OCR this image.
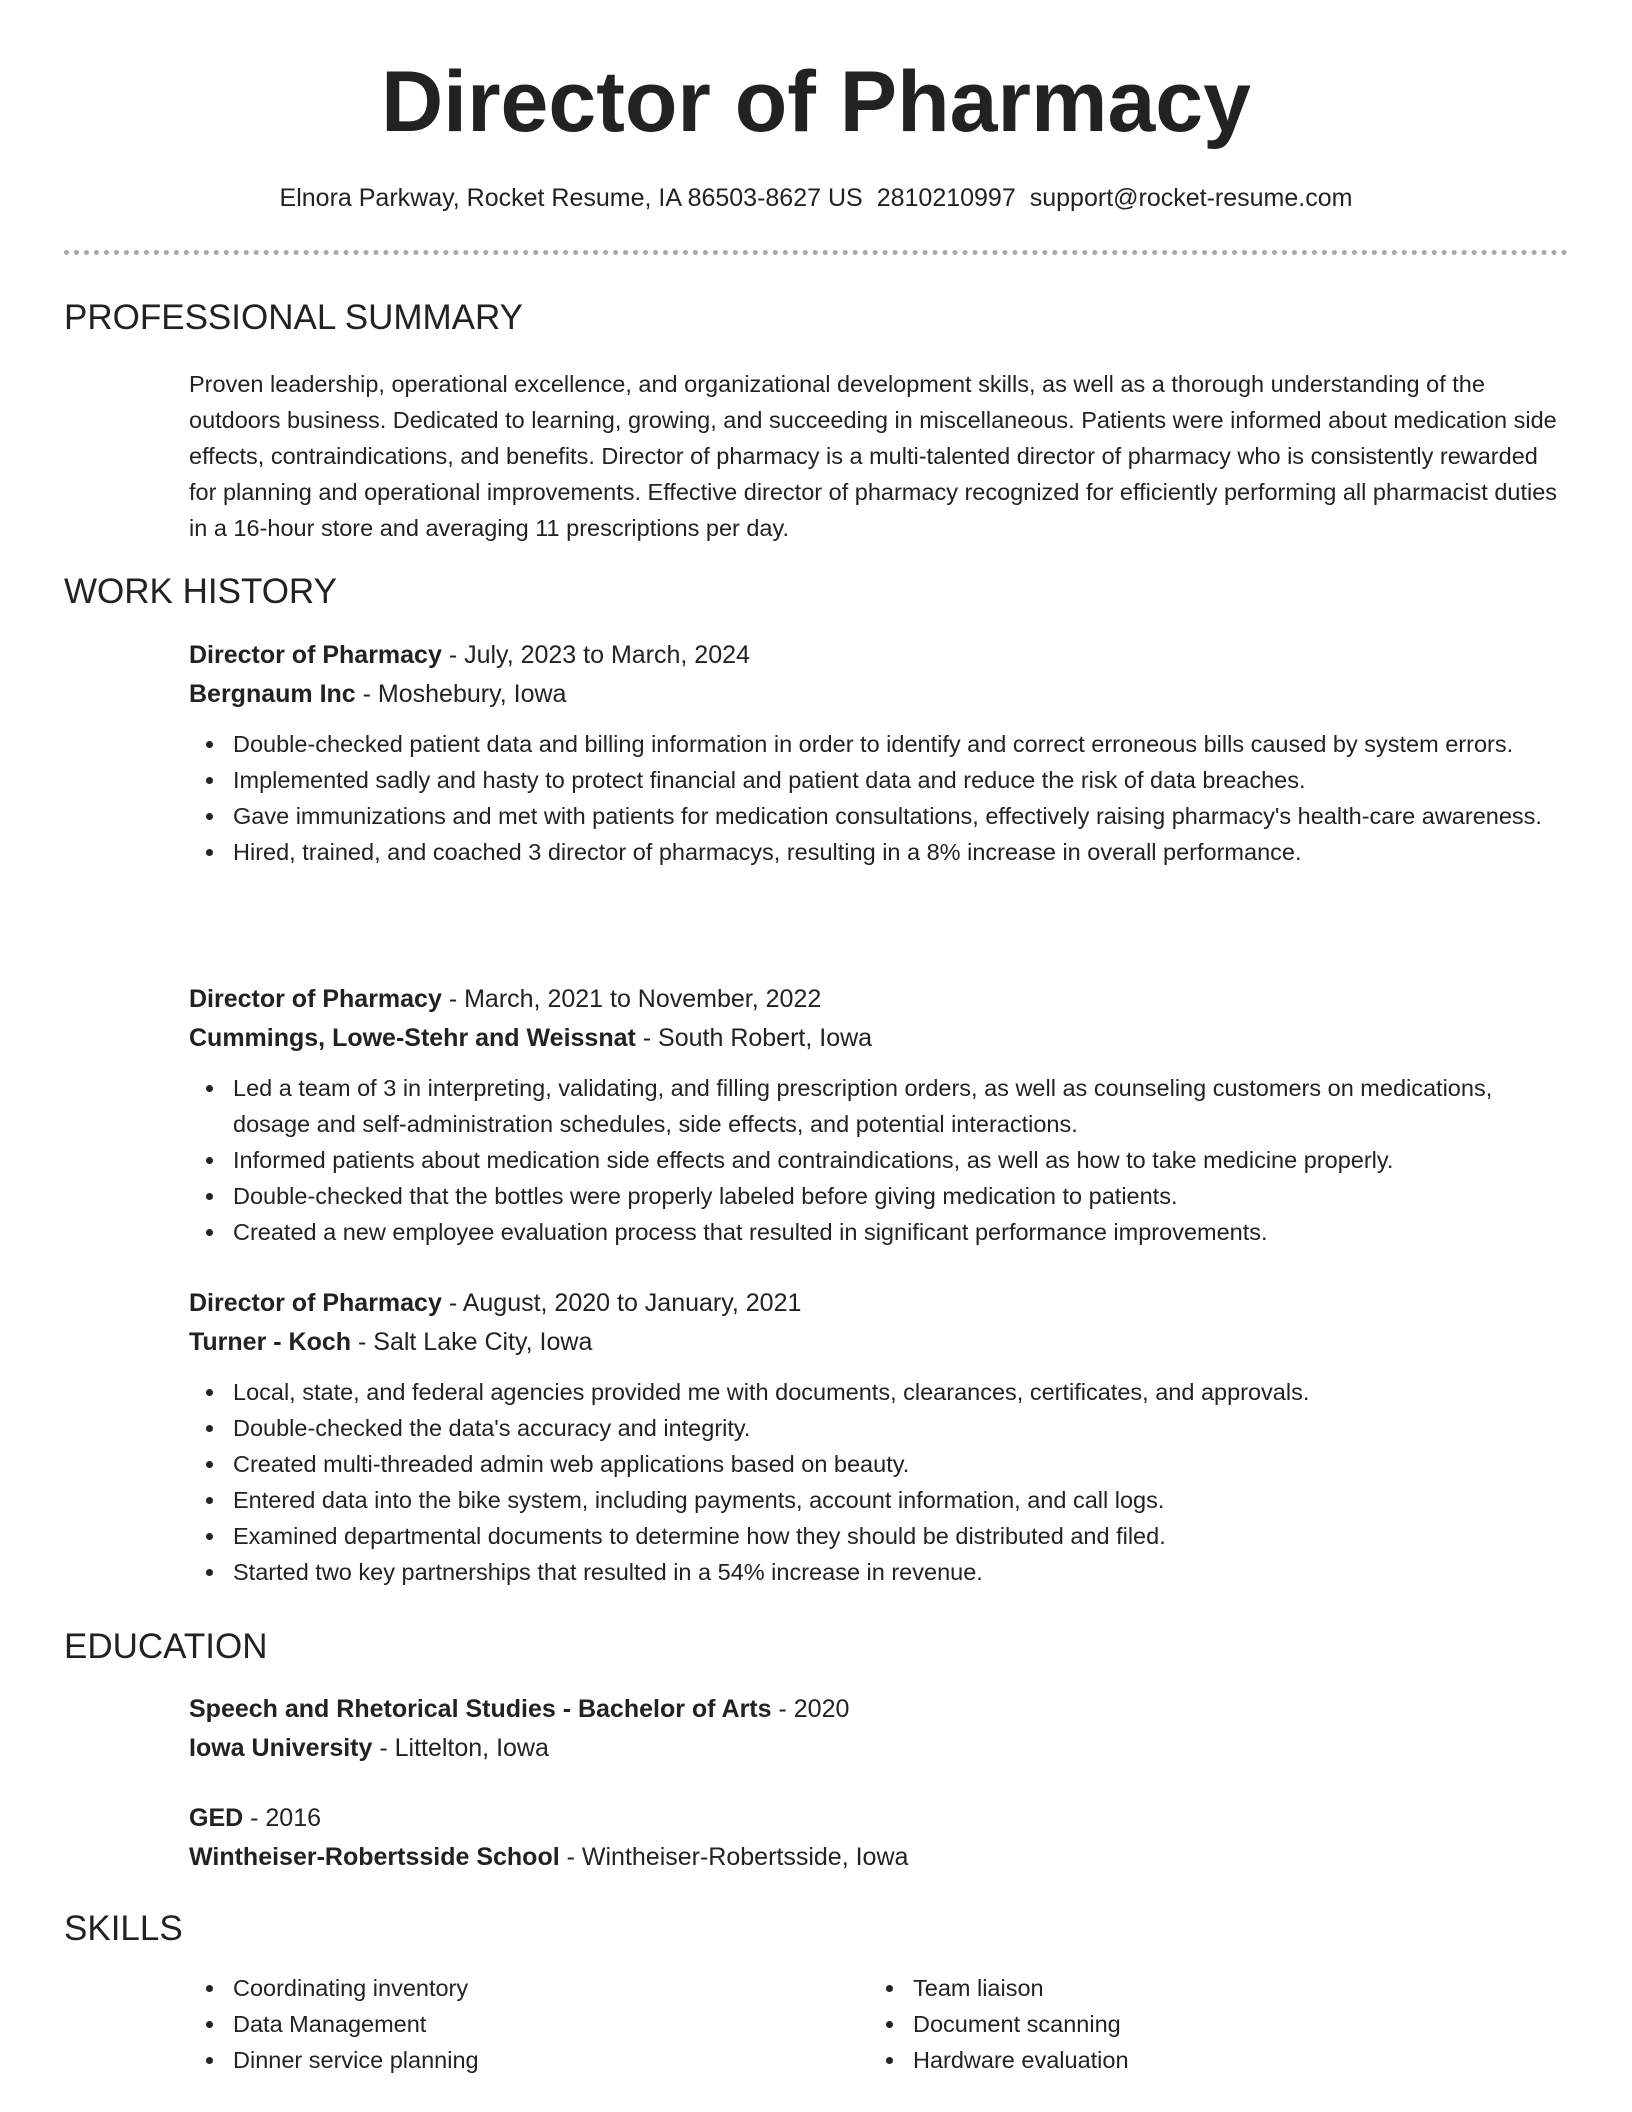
Director of Pharmacy
Elnora Parkway, Rocket Resume, IA 86503-8627 US 2810210997 support@rocket-resume.com
PROFESSIONAL SUMMARY

Proven leadership, operational excellence, and organizational development skills, as well as a thorough understanding of the outdoors business. Dedicated to learning, growing, and succeeding in miscellaneous. Patients were informed about medication side effects, contraindications, and benefits. Director of pharmacy is a multi-talented director of pharmacy who is consistently rewarded for planning and operational improvements. Effective director of pharmacy recognized for efficiently performing all pharmacist duties in a 16-hour store and averaging 11 prescriptions per day.

WORK HISTORY

Director of Pharmacy - July, 2023 to March, 2024

Bergnaum Inc - Moshebury, Iowa

Double-checked patient data and billing information in order to identify and correct erroneous bills caused by system errors.
Implemented sadly and hasty to protect financial and patient data and reduce the risk of data breaches.
Gave immunizations and met with patients for medication consultations, effectively raising pharmacy's health-care awareness.
Hired, trained, and coached 3 director of pharmacys, resulting in a 8% increase in overall performance.

Director of Pharmacy - March, 2021 to November, 2022

Cummings, Lowe-Stehr and Weissnat - South Robert, Iowa

Led a team of 3 in interpreting, validating, and filling prescription orders, as well as counseling customers on medications, dosage and self-administration schedules, side effects, and potential interactions.
Informed patients about medication side effects and contraindications, as well as how to take medicine properly.
Double-checked that the bottles were properly labeled before giving medication to patients.
Created a new employee evaluation process that resulted in significant performance improvements.

Director of Pharmacy - August, 2020 to January, 2021

Turner - Koch - Salt Lake City, Iowa

Local, state, and federal agencies provided me with documents, clearances, certificates, and approvals.
Double-checked the data's accuracy and integrity.
Created multi-threaded admin web applications based on beauty.
Entered data into the bike system, including payments, account information, and call logs.
Examined departmental documents to determine how they should be distributed and filed.
Started two key partnerships that resulted in a 54% increase in revenue.
EDUCATION

Speech and Rhetorical Studies - Bachelor of Arts - 2020

Iowa University - Littelton, Iowa

GED - 2016

Wintheiser-Robertsside School - Wintheiser-Robertsside, Iowa

SKILLS
Coordinating inventory
Data Management
Dinner service planning
Team liaison
Document scanning
Hardware evaluation
